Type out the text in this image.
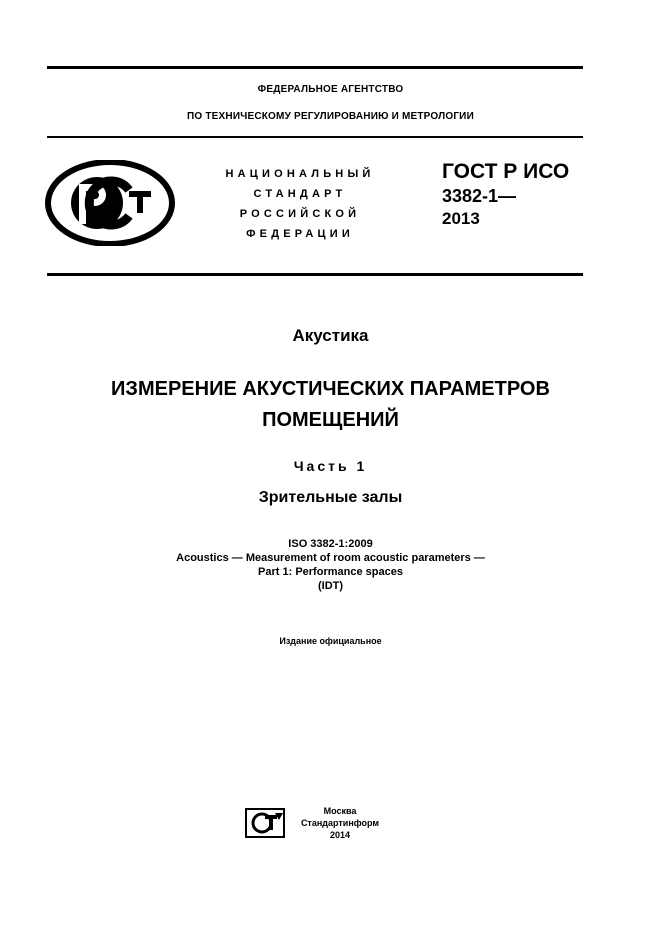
ФЕДЕРАЛЬНОЕ АГЕНТСТВО
ПО ТЕХНИЧЕСКОМУ РЕГУЛИРОВАНИЮ И МЕТРОЛОГИИ
НАЦИОНАЛЬНЫЙ
СТАНДАРТ
РОССИЙСКОЙ
ФЕДЕРАЦИИ
ГОСТ Р ИСО
3382-1—
2013
Акустика
ИЗМЕРЕНИЕ АКУСТИЧЕСКИХ ПАРАМЕТРОВ
ПОМЕЩЕНИЙ
Часть 1
Зрительные залы
ISO 3382-1:2009
Acoustics — Measurement of room acoustic parameters —
Part 1: Performance spaces
(IDT)
Издание официальное
Москва
Стандартинформ
2014
